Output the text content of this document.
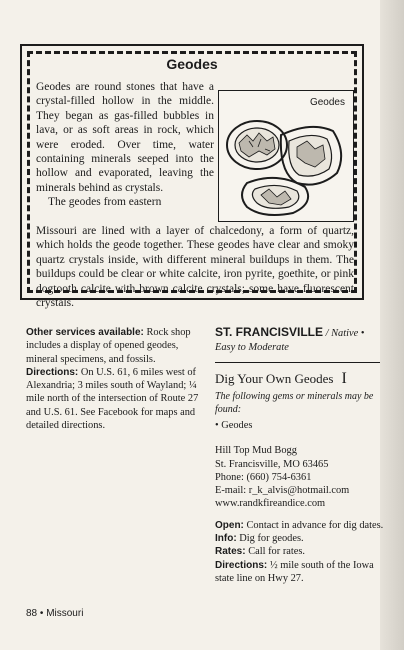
Geodes

Geodes are round stones that have a crystal-filled hollow in the middle. They began as gas-filled bubbles in lava, or as soft areas in rock, which were eroded. Over time, water containing minerals seeped into the hollow and evaporated, leaving the minerals behind as crystals.

The geodes from eastern

Geodes
Missouri are lined with a layer of chalcedony, a form of quartz, which holds the geode together. These geodes have clear and smoky quartz crystals inside, with different mineral buildups in them. The buildups could be clear or white calcite, iron pyrite, goethite, or pink dogtooth calcite with brown calcite crystals; some have fluorescent crystals.

Other services available: Rock shop includes a display of opened geodes, mineral specimens, and fossils.

Directions: On U.S. 61, 6 miles west of Alexandria; 3 miles south of Wayland; ¼ mile north of the intersection of Route 27 and U.S. 61. See Facebook for maps and detailed directions.

ST. FRANCISVILLE / Native • Easy to Moderate

Dig Your Own Geodes I

The following gems or minerals may be found:

• Geodes

Hill Top Mud Bogg

St. Francisville, MO 63465

Phone: (660) 754-6361

E-mail: r_k_alvis@hotmail.com

www.randkfireandice.com

Open: Contact in advance for dig dates.

Info: Dig for geodes.

Rates: Call for rates.

Directions: ½ mile south of the Iowa state line on Hwy 27.

88 • Missouri
